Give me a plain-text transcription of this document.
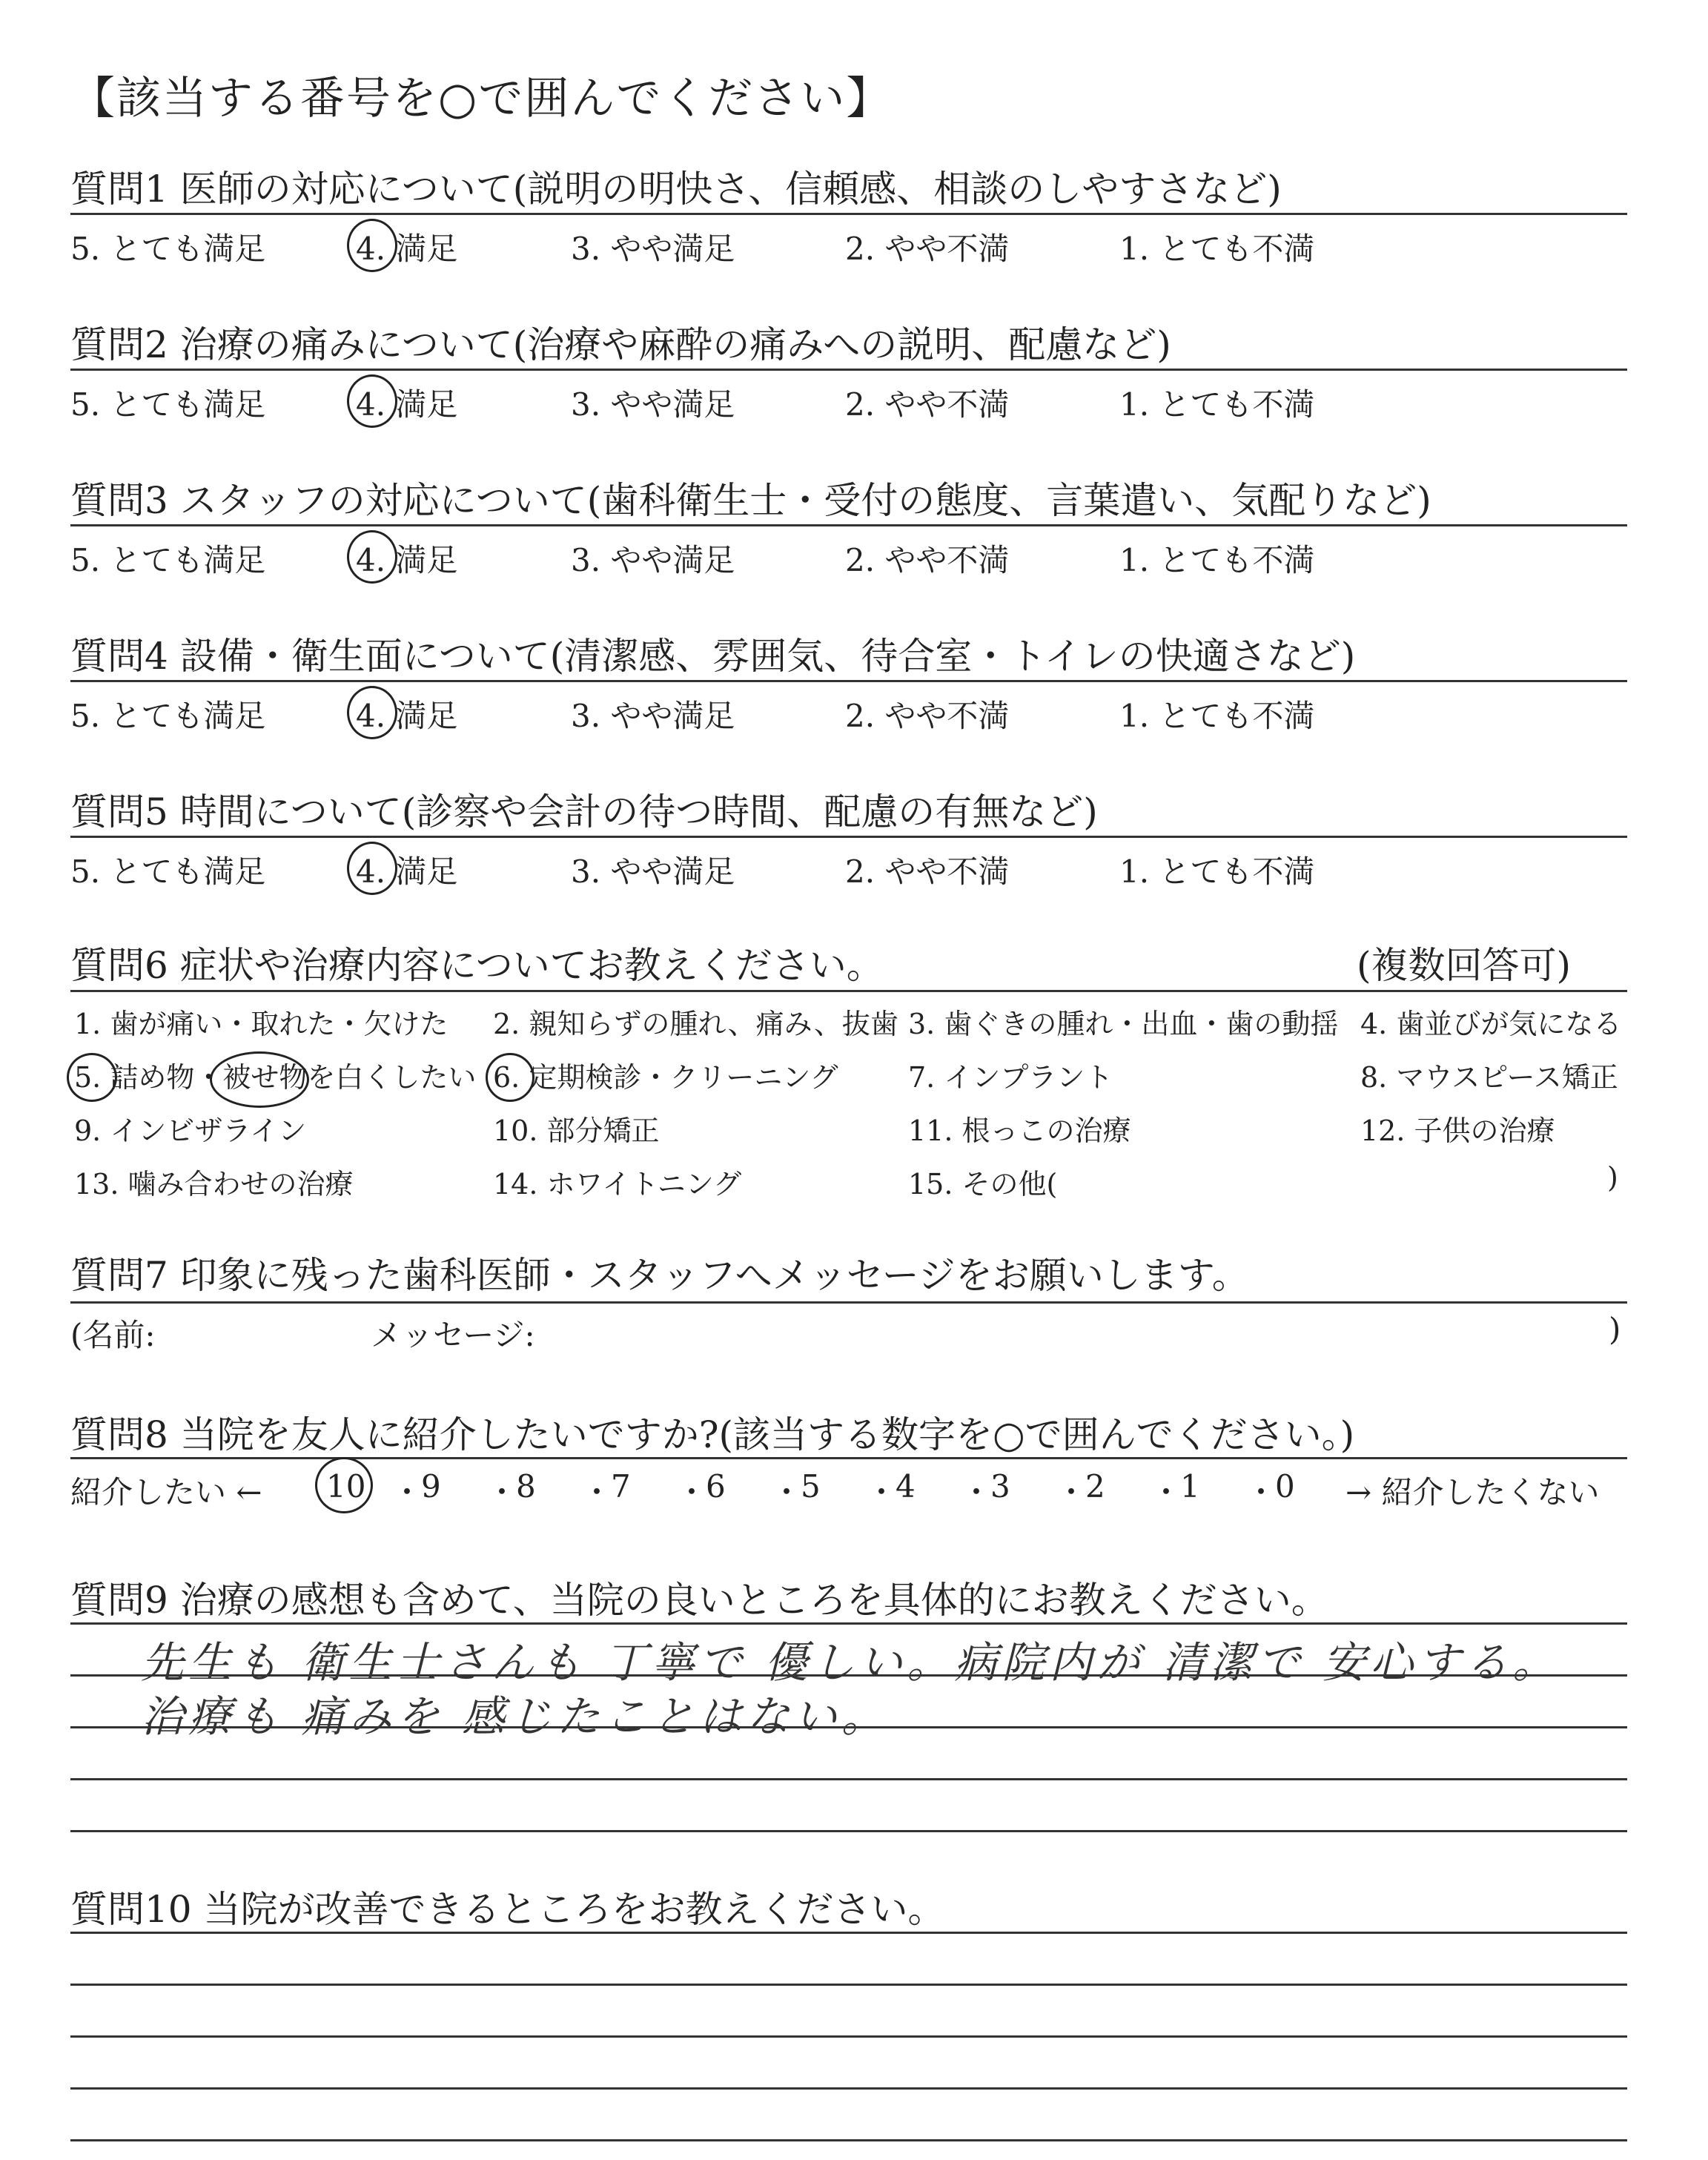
【該当する番号を○で囲んでください】
質問1 医師の対応について(説明の明快さ、信頼感、相談のしやすさなど)
5. とても満足	4. 満足	3. やや満足	2. やや不満	1. とても不満
質問2 治療の痛みについて(治療や麻酔の痛みへの説明、配慮など)
5. とても満足	4. 満足	3. やや満足	2. やや不満	1. とても不満
質問3 スタッフの対応について(歯科衛生士・受付の態度、言葉遣い、気配りなど)
5. とても満足	4. 満足	3. やや満足	2. やや不満	1. とても不満
質問4 設備・衛生面について(清潔感、雰囲気、待合室・トイレの快適さなど)
5. とても満足	4. 満足	3. やや満足	2. やや不満	1. とても不満
質問5 時間について(診察や会計の待つ時間、配慮の有無など)
5. とても満足	4. 満足	3. やや満足	2. やや不満	1. とても不満
質問6 症状や治療内容についてお教えください。	(複数回答可)
1. 歯が痛い・取れた・欠けた 2. 親知らずの腫れ、痛み、抜歯 3. 歯ぐきの腫れ・出血・歯の動揺 4. 歯並びが気になる
5. 詰め物・被せ物を白くしたい 6. 定期検診・クリーニング 7. インプラント	8. マウスピース矯正
9. インビザライン	10. 部分矯正	11. 根っこの治療	12. 子供の治療
13. 噛み合わせの治療	14. ホワイトニング	15. その他(	)
質問7 印象に残った歯科医師・スタッフへメッセージをお願いします。
(名前:	メッセージ:	)
質問8 当院を友人に紹介したいですか?(該当する数字を○で囲んでください。)
紹介したい ← 10 ・
9 ・
8 ・
7 ・
6 ・
5 ・
4 ・
3 ・
2 ・
1 ・
0 → 紹介したくない
質問9 治療の感想も含めて、当院の良いところを具体的にお教えください。
先生も 衛生士さんも 丁寧で 優しい。病院内が 清潔で 安心する。
治療も 痛みを 感じたことはない。
質問10 当院が改善できるところをお教えください。
